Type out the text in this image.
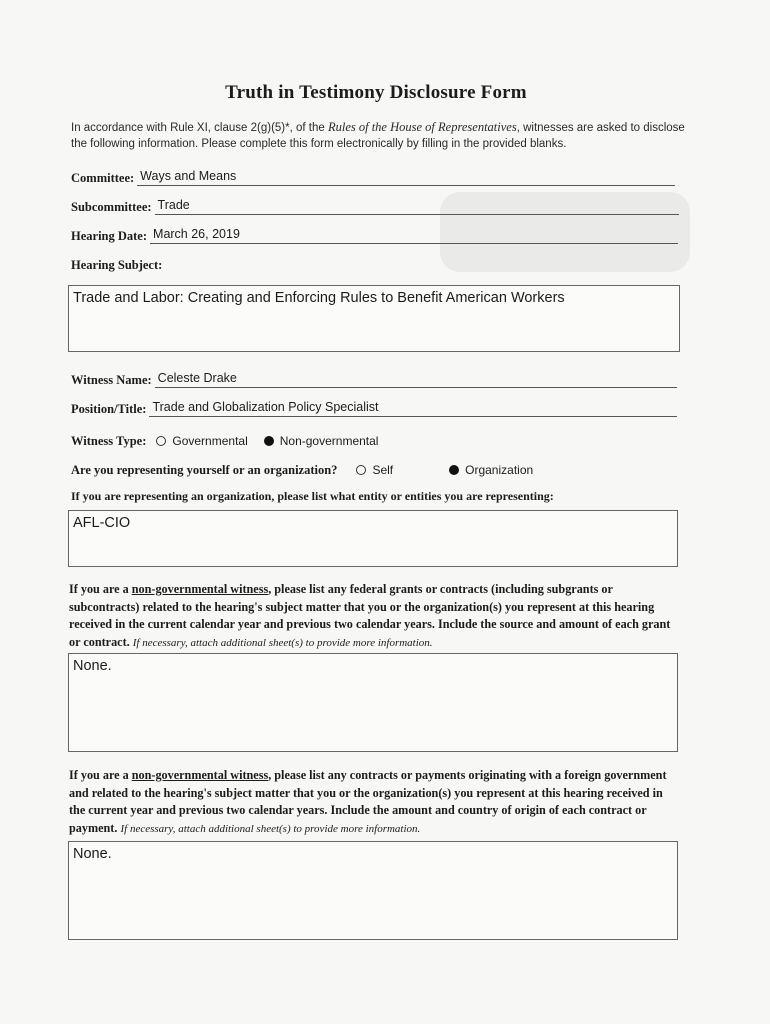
Truth in Testimony Disclosure Form
In accordance with Rule XI, clause 2(g)(5)*, of the Rules of the House of Representatives, witnesses are asked to disclose the following information. Please complete this form electronically by filling in the provided blanks.
Committee: Ways and Means
Subcommittee: Trade
Hearing Date: March 26, 2019
Hearing Subject:
Trade and Labor: Creating and Enforcing Rules to Benefit American Workers
Witness Name: Celeste Drake
Position/Title: Trade and Globalization Policy Specialist
Witness Type:	Governmental	Non-governmental
Are you representing yourself or an organization?	Self	Organization
If you are representing an organization, please list what entity or entities you are representing:
AFL-CIO
If you are a non-governmental witness, please list any federal grants or contracts (including subgrants or subcontracts) related to the hearing's subject matter that you or the organization(s) you represent at this hearing received in the current calendar year and previous two calendar years. Include the source and amount of each grant or contract. If necessary, attach additional sheet(s) to provide more information.
None.
If you are a non-governmental witness, please list any contracts or payments originating with a foreign government and related to the hearing's subject matter that you or the organization(s) you represent at this hearing received in the current year and previous two calendar years. Include the amount and country of origin of each contract or payment. If necessary, attach additional sheet(s) to provide more information.
None.
